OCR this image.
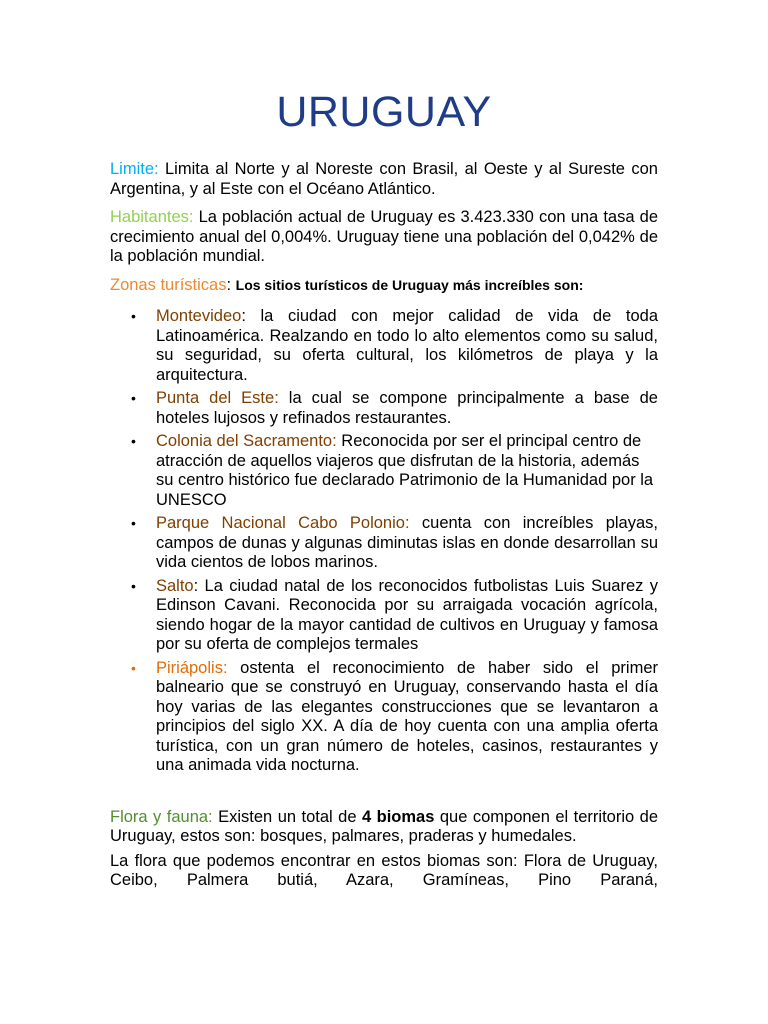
URUGUAY

Limite: Limita al Norte y al Noreste con Brasil, al Oeste y al Sureste con Argentina, y al Este con el Océano Atlántico.

Habitantes: La población actual de Uruguay es 3.423.330 con una tasa de crecimiento anual del 0,004%. Uruguay tiene una población del 0,042% de la población mundial.

Zonas turísticas: Los sitios turísticos de Uruguay más increíbles son:

• Montevideo: la ciudad con mejor calidad de vida de toda Latinoamérica. Realzando en todo lo alto elementos como su salud, su seguridad, su oferta cultural, los kilómetros de playa y la arquitectura.
• Punta del Este: la cual se compone principalmente a base de hoteles lujosos y refinados restaurantes.
• Colonia del Sacramento: Reconocida por ser el principal centro de atracción de aquellos viajeros que disfrutan de la historia, además su centro histórico fue declarado Patrimonio de la Humanidad por la UNESCO
• Parque Nacional Cabo Polonio: cuenta con increíbles playas, campos de dunas y algunas diminutas islas en donde desarrollan su vida cientos de lobos marinos.
• Salto: La ciudad natal de los reconocidos futbolistas Luis Suarez y Edinson Cavani. Reconocida por su arraigada vocación agrícola, siendo hogar de la mayor cantidad de cultivos en Uruguay y famosa por su oferta de complejos termales
• Piriápolis: ostenta el reconocimiento de haber sido el primer balneario que se construyó en Uruguay, conservando hasta el día hoy varias de las elegantes construcciones que se levantaron a principios del siglo XX. A día de hoy cuenta con una amplia oferta turística, con un gran número de hoteles, casinos, restaurantes y una animada vida nocturna.

Flora y fauna: Existen un total de 4 biomas que componen el territorio de Uruguay, estos son: bosques, palmares, praderas y humedales.

La flora que podemos encontrar en estos biomas son: Flora de Uruguay, Ceibo, Palmera butiá, Azara, Gramíneas, Pino Paraná,
